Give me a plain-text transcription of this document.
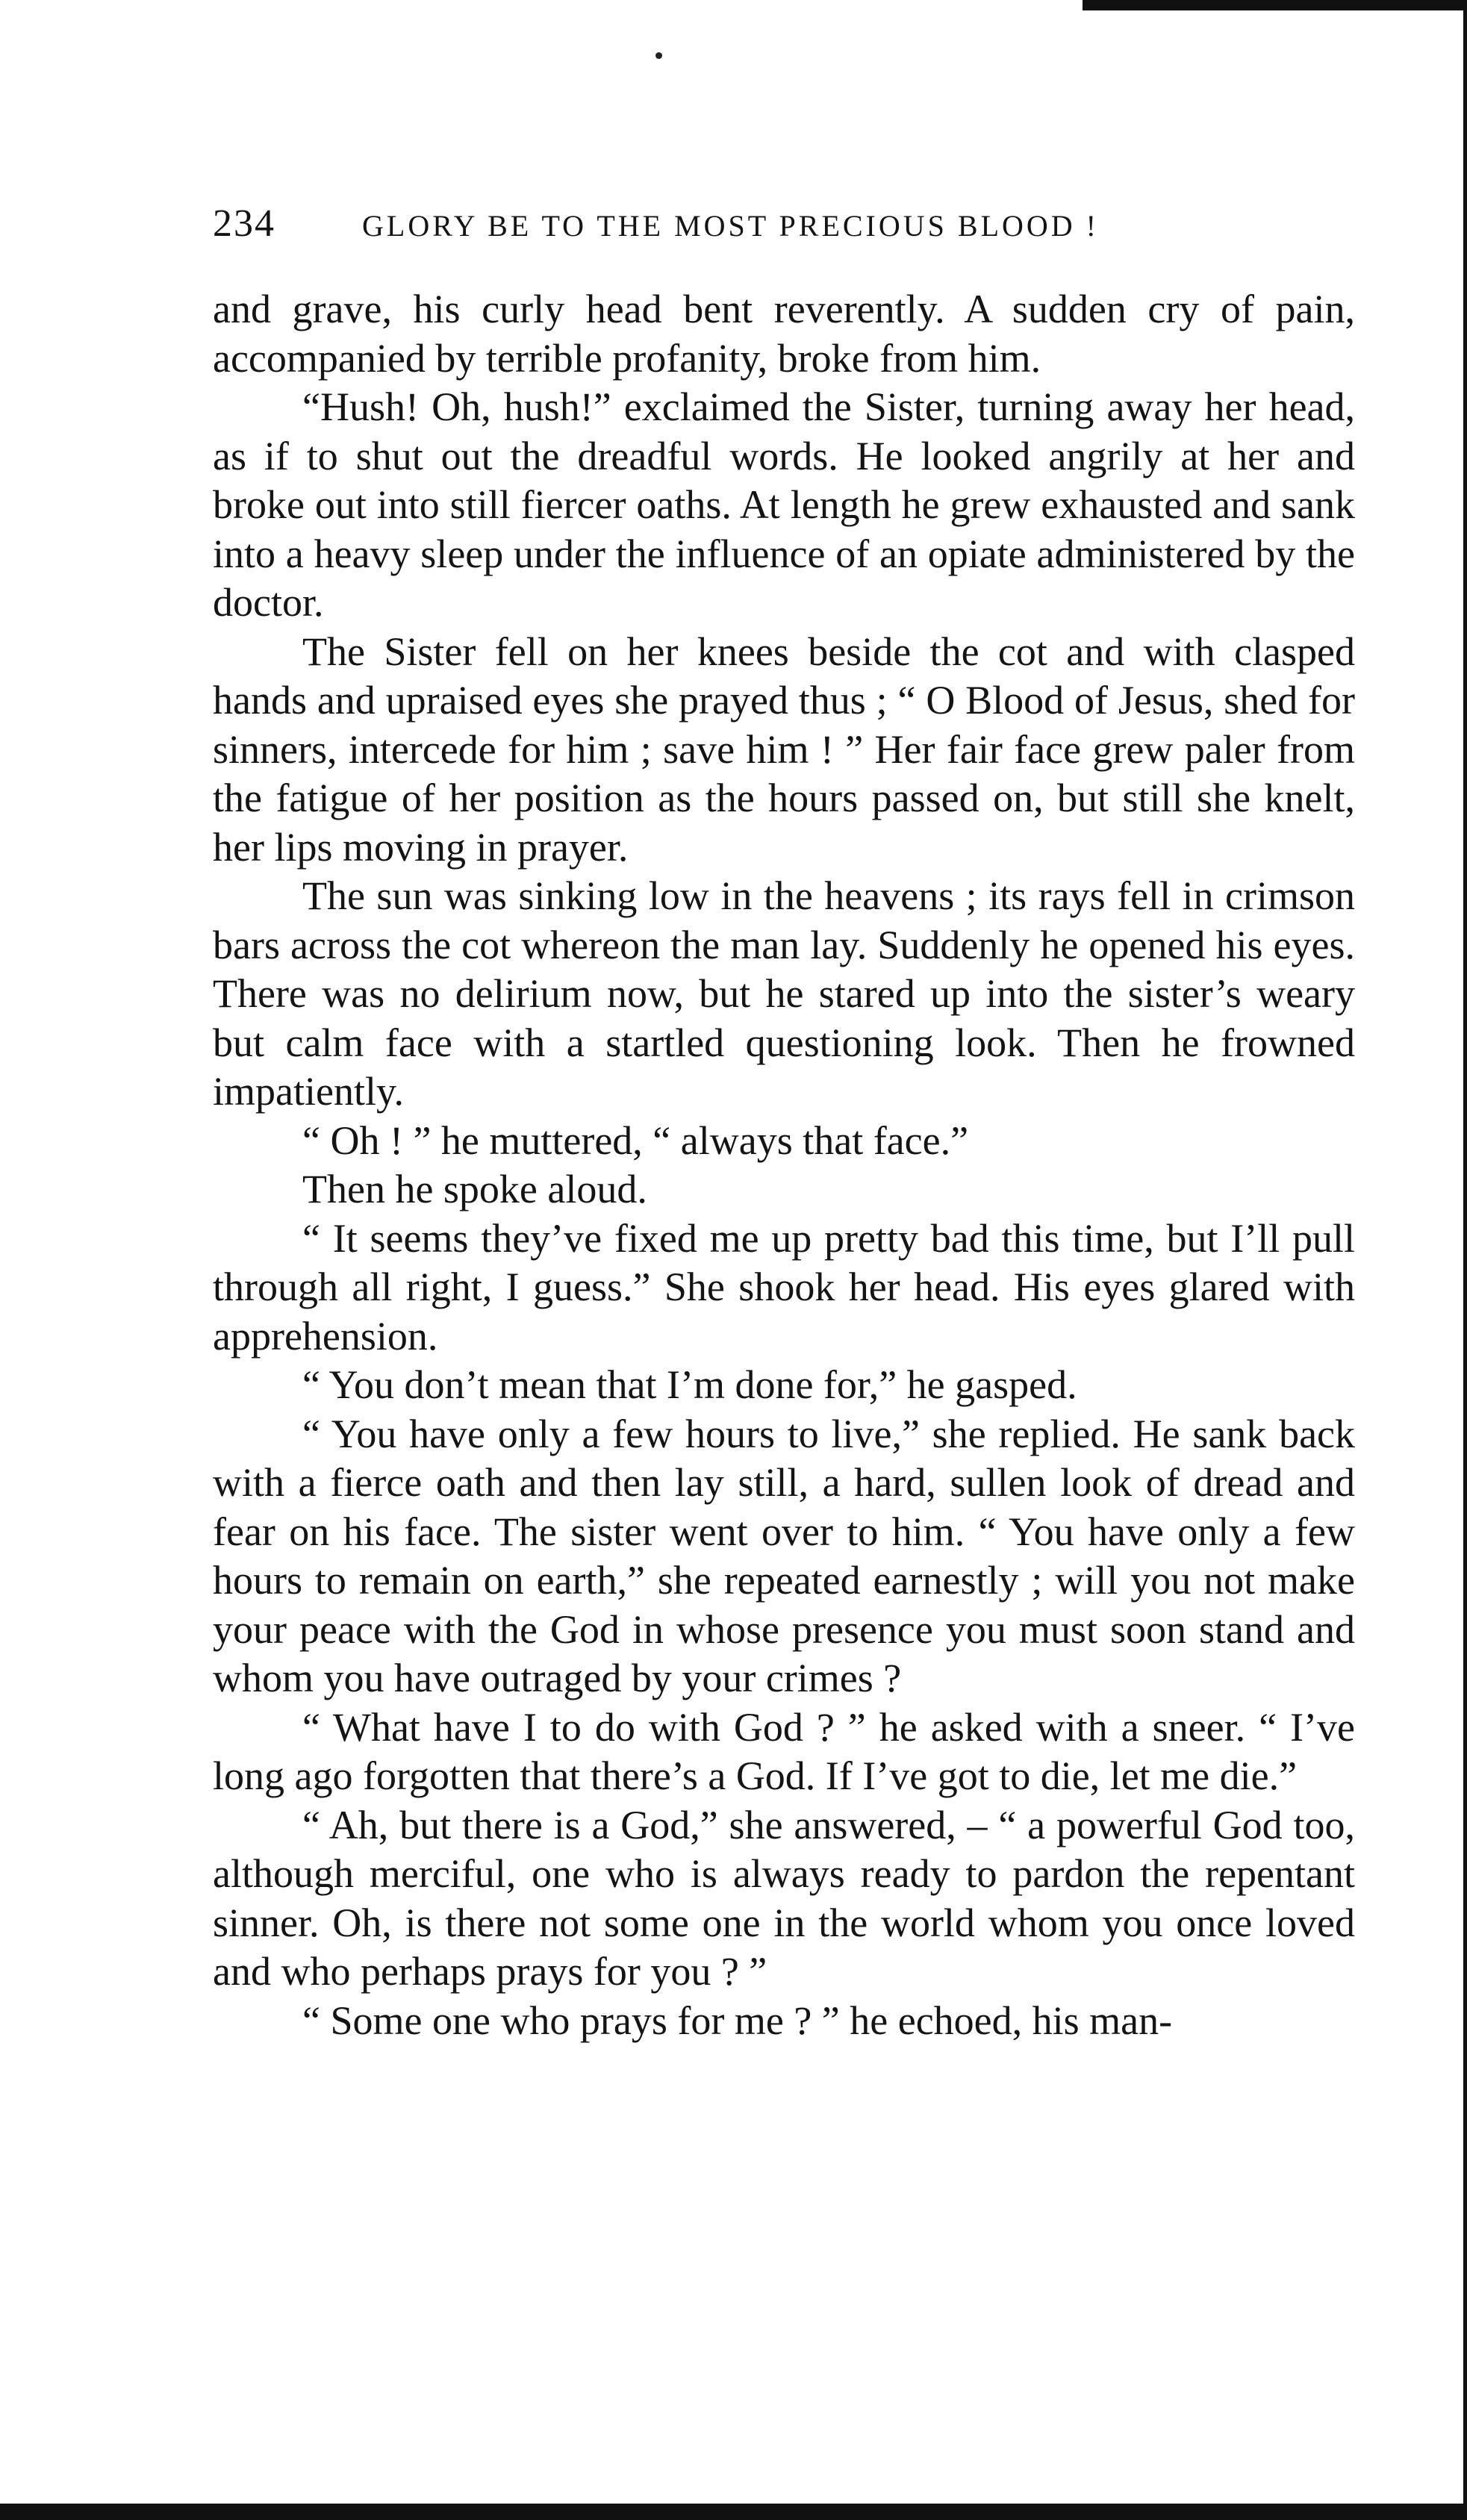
234	GLORY BE TO THE MOST PRECIOUS BLOOD !

and grave, his curly head bent reverently. A sudden cry of pain, accompanied by terrible profanity, broke from him.

“Hush! Oh, hush!” exclaimed the Sister, turning away her head, as if to shut out the dreadful words. He looked angrily at her and broke out into still fiercer oaths. At length he grew exhausted and sank into a heavy sleep under the influence of an opiate administered by the doctor.

The Sister fell on her knees beside the cot and with clasped hands and upraised eyes she prayed thus ; “ O Blood of Jesus, shed for sinners, intercede for him ; save him ! ” Her fair face grew paler from the fatigue of her position as the hours passed on, but still she knelt, her lips moving in prayer.

The sun was sinking low in the heavens ; its rays fell in crimson bars across the cot whereon the man lay. Suddenly he opened his eyes. There was no delirium now, but he stared up into the sister’s weary but calm face with a startled questioning look. Then he frowned impatiently.

“ Oh ! ” he muttered, “ always that face.”

Then he spoke aloud.

“ It seems they’ve fixed me up pretty bad this time, but I’ll pull through all right, I guess.” She shook her head. His eyes glared with apprehension.

“ You don’t mean that I’m done for,” he gasped.

“ You have only a few hours to live,” she replied. He sank back with a fierce oath and then lay still, a hard, sullen look of dread and fear on his face. The sister went over to him. “ You have only a few hours to remain on earth,” she repeated earnestly ; will you not make your peace with the God in whose presence you must soon stand and whom you have outraged by your crimes ?

“ What have I to do with God ? ” he asked with a sneer. “ I’ve long ago forgotten that there’s a God. If I’ve got to die, let me die.”

“ Ah, but there is a God,” she answered, – “ a powerful God too, although merciful, one who is always ready to pardon the repentant sinner. Oh, is there not some one in the world whom you once loved and who perhaps prays for you ? ”

“ Some one who prays for me ? ” he echoed, his man-
